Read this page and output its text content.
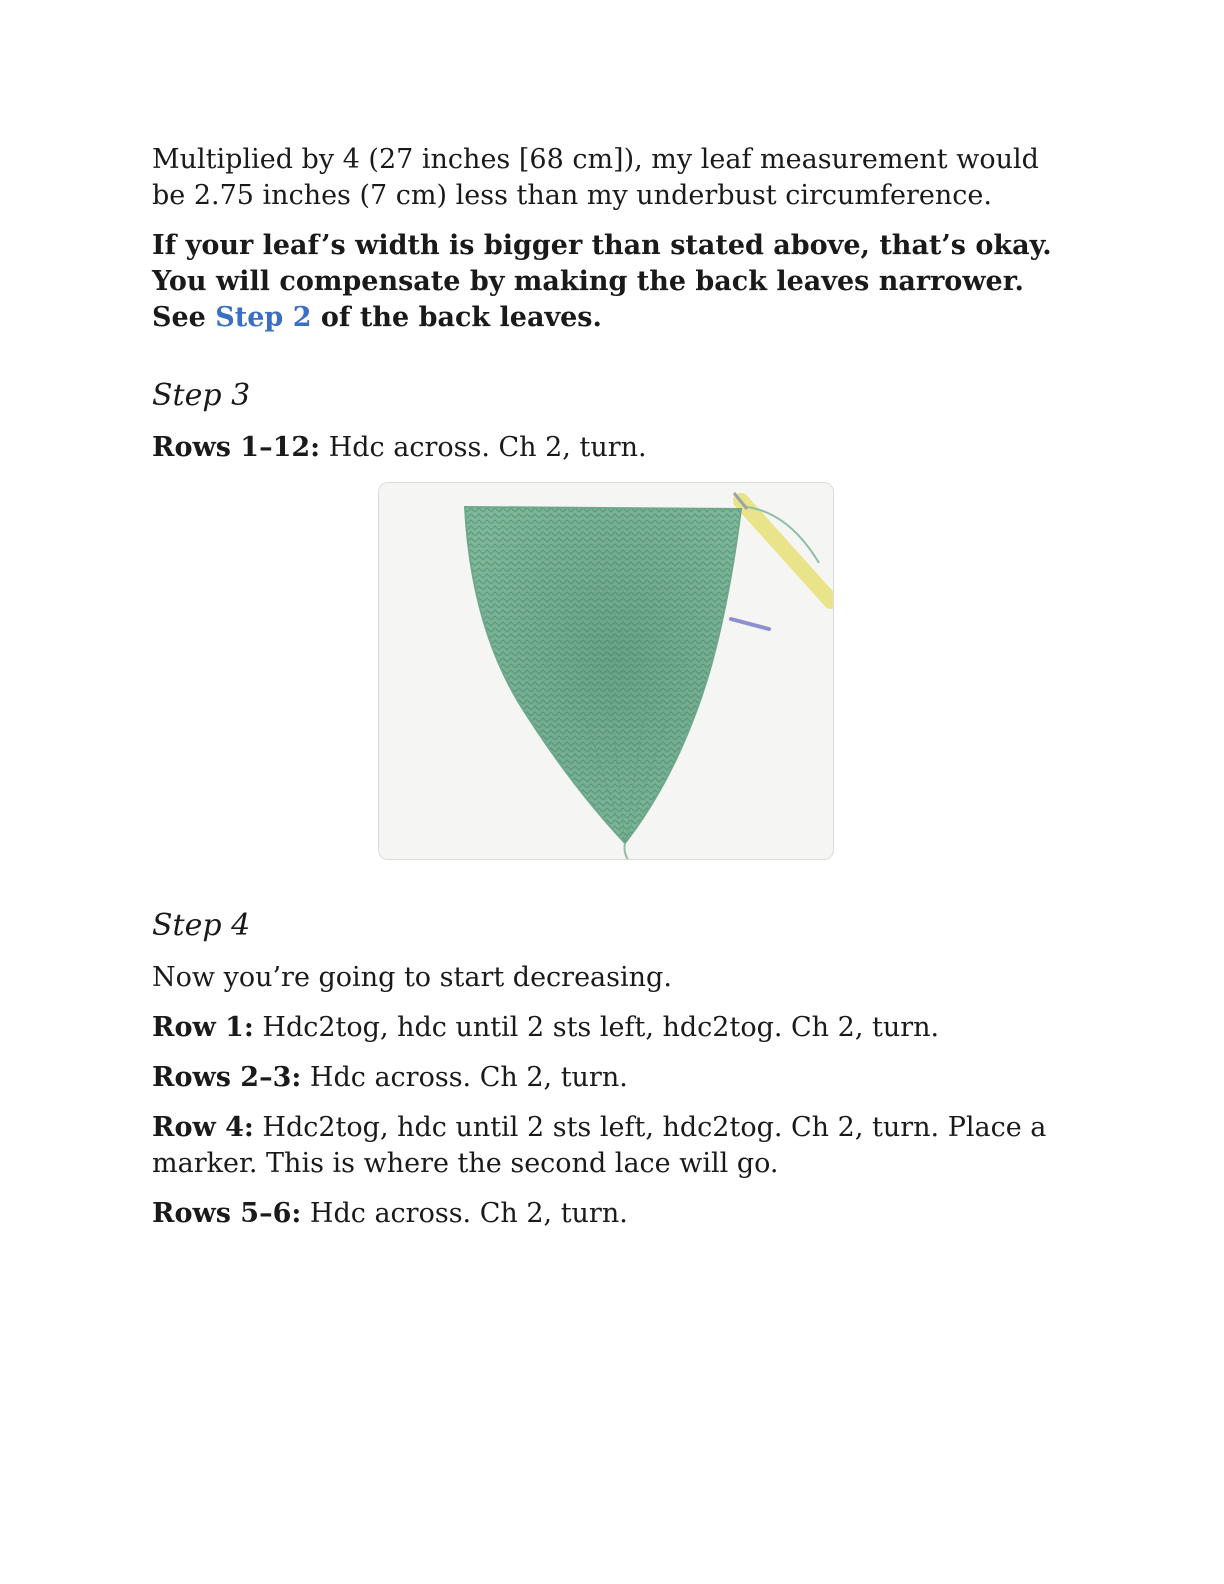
Multiplied by 4 (27 inches [68 cm]), my leaf measurement would be 2.75 inches (7 cm) less than my underbust circumference.

If your leaf’s width is bigger than stated above, that’s okay. You will compensate by making the back leaves narrower. See Step 2 of the back leaves.

Step 3

Rows 1–12: Hdc across. Ch 2, turn.

Step 4

Now you’re going to start decreasing.

Row 1: Hdc2tog, hdc until 2 sts left, hdc2tog. Ch 2, turn.

Rows 2–3: Hdc across. Ch 2, turn.

Row 4: Hdc2tog, hdc until 2 sts left, hdc2tog. Ch 2, turn. Place a marker. This is where the second lace will go.

Rows 5–6: Hdc across. Ch 2, turn.
